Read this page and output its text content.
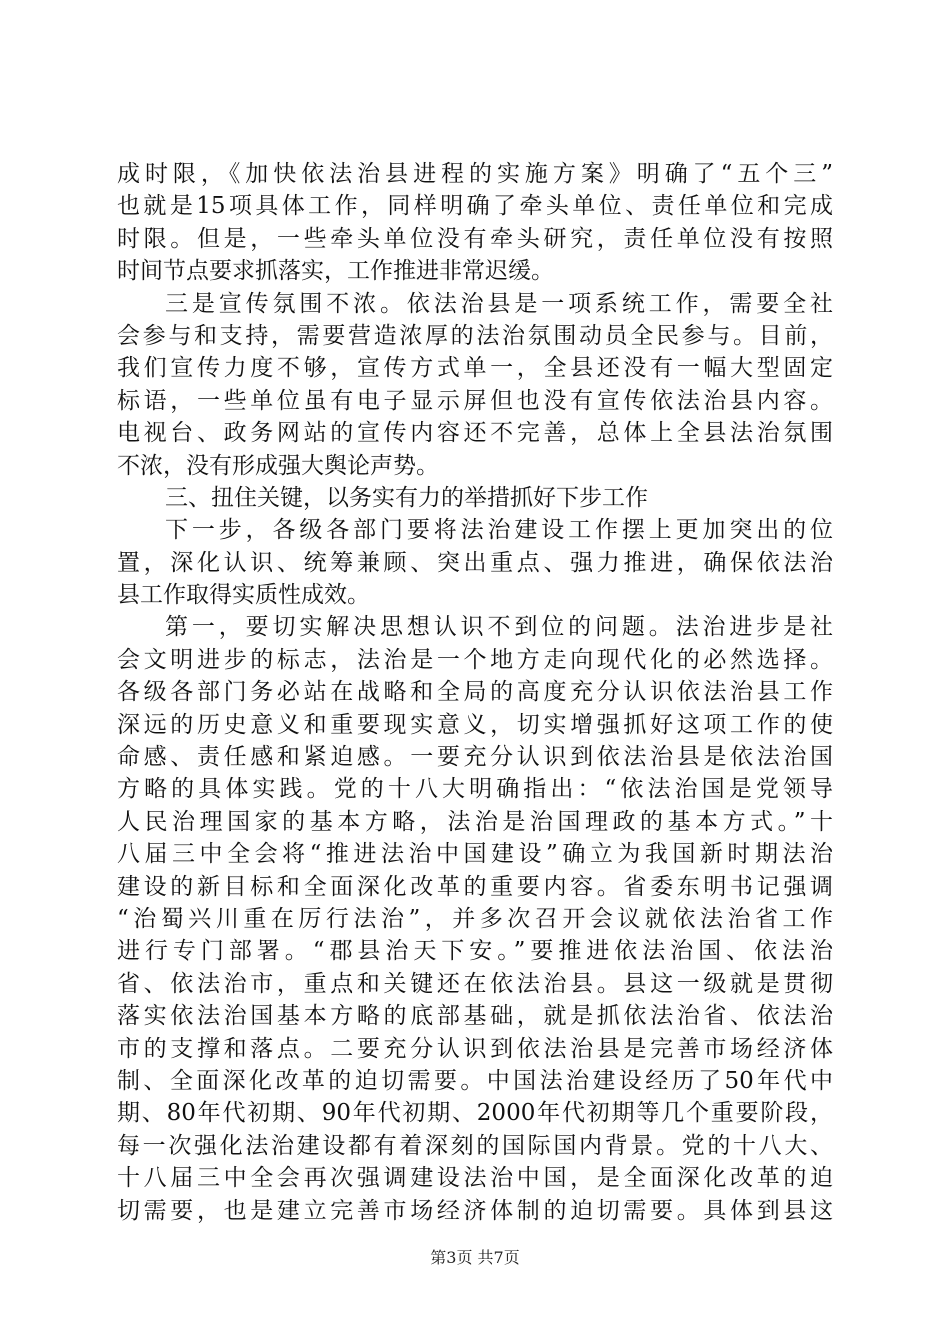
成时限，《加快依法治县进程的实施方案》明确了“五个三”
也就是15项具体工作，同样明确了牵头单位、责任单位和完成
时限。但是，一些牵头单位没有牵头研究，责任单位没有按照
时间节点要求抓落实，工作推进非常迟缓。
三是宣传氛围不浓。依法治县是一项系统工作，需要全社
会参与和支持，需要营造浓厚的法治氛围动员全民参与。目前，
我们宣传力度不够，宣传方式单一，全县还没有一幅大型固定
标语，一些单位虽有电子显示屏但也没有宣传依法治县内容。
电视台、政务网站的宣传内容还不完善，总体上全县法治氛围
不浓，没有形成强大舆论声势。
三、扭住关键，以务实有力的举措抓好下步工作
下一步，各级各部门要将法治建设工作摆上更加突出的位
置，深化认识、统筹兼顾、突出重点、强力推进，确保依法治
县工作取得实质性成效。
第一，要切实解决思想认识不到位的问题。法治进步是社
会文明进步的标志，法治是一个地方走向现代化的必然选择。
各级各部门务必站在战略和全局的高度充分认识依法治县工作
深远的历史意义和重要现实意义，切实增强抓好这项工作的使
命感、责任感和紧迫感。一要充分认识到依法治县是依法治国
方略的具体实践。党的十八大明确指出：“依法治国是党领导
人民治理国家的基本方略，法治是治国理政的基本方式。”十
八届三中全会将“推进法治中国建设”确立为我国新时期法治
建设的新目标和全面深化改革的重要内容。省委东明书记强调
“治蜀兴川重在厉行法治”，并多次召开会议就依法治省工作
进行专门部署。“郡县治天下安。”要推进依法治国、依法治
省、依法治市，重点和关键还在依法治县。县这一级就是贯彻
落实依法治国基本方略的底部基础，就是抓依法治省、依法治
市的支撑和落点。二要充分认识到依法治县是完善市场经济体
制、全面深化改革的迫切需要。中国法治建设经历了50年代中
期、80年代初期、90年代初期、2000年代初期等几个重要阶段，
每一次强化法治建设都有着深刻的国际国内背景。党的十八大、
十八届三中全会再次强调建设法治中国，是全面深化改革的迫
切需要，也是建立完善市场经济体制的迫切需要。具体到县这
第3页 共7页
